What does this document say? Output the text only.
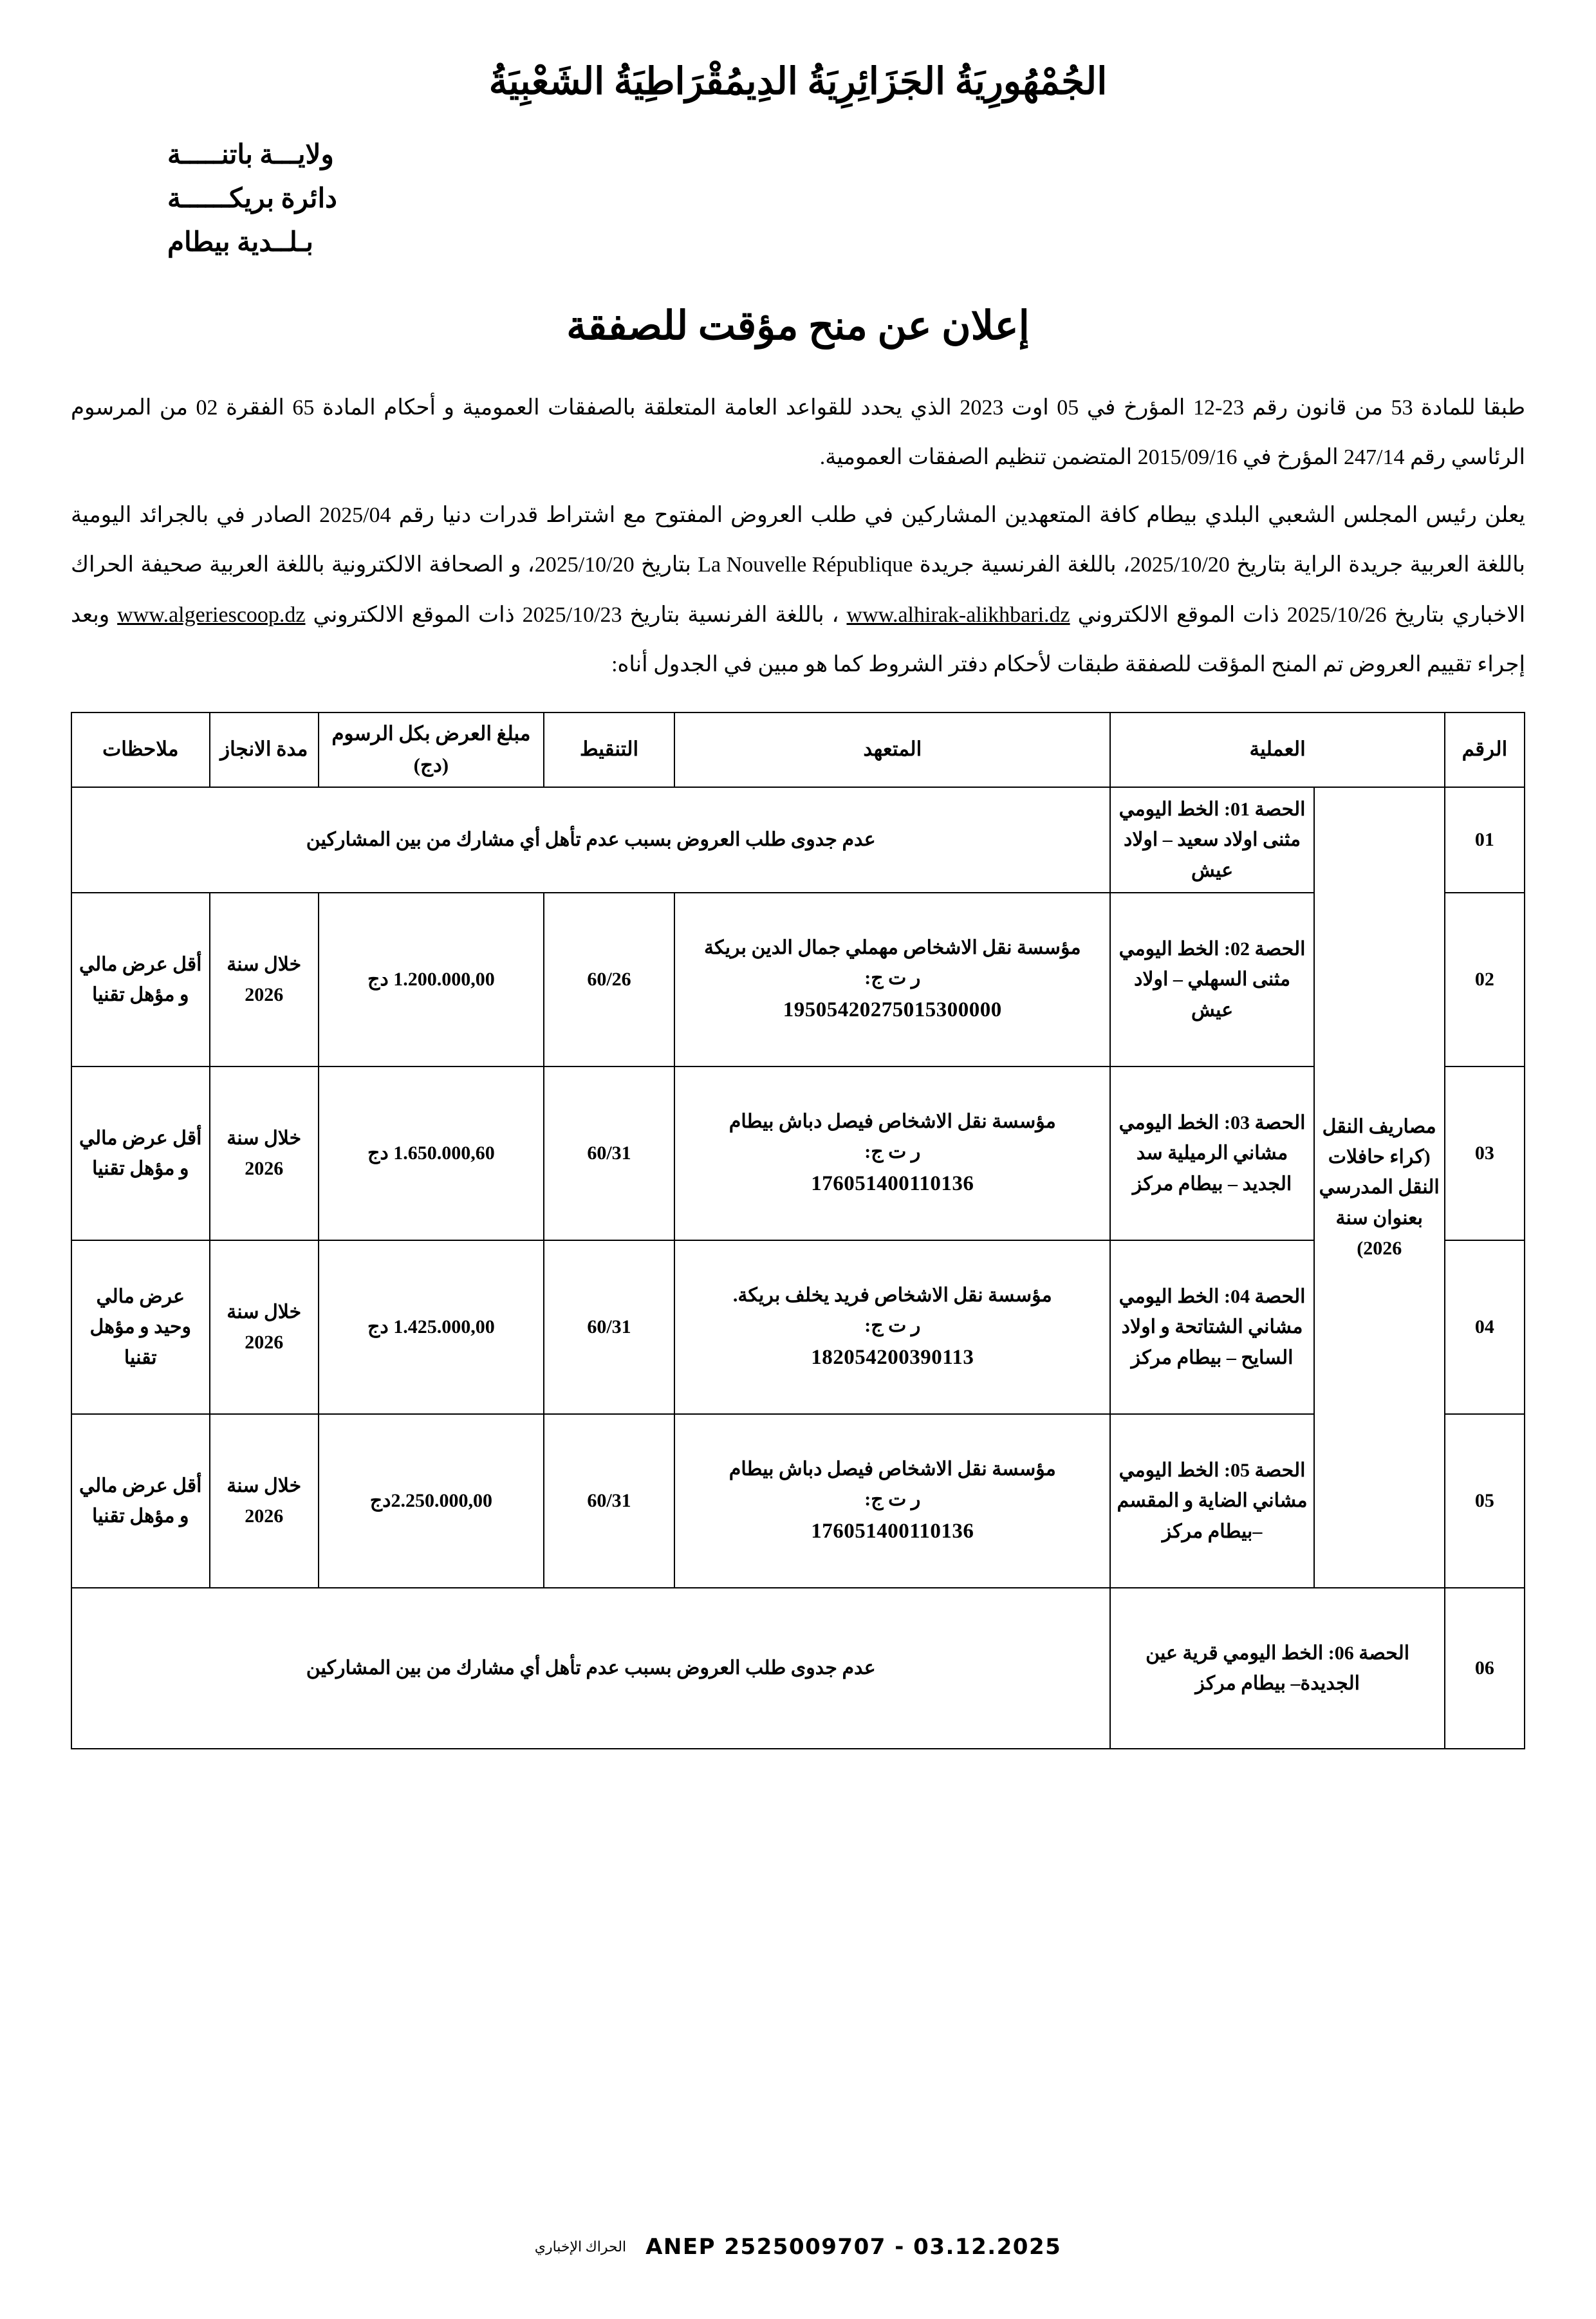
الجُمْهُورِيَةُ الجَزَائِرِيَةُ الدِيمُقْرَاطِيَةُ الشَعْبِيَةُ
ولايـــة باتنـــــة
دائرة بريكــــــة
بـلــدية بيطام
إعلان عن منح مؤقت للصفقة

طبقا للمادة 53 من قانون رقم 23-12 المؤرخ في 05 اوت 2023 الذي يحدد للقواعد العامة المتعلقة بالصفقات العمومية و أحكام المادة 65 الفقرة 02 من المرسوم الرئاسي رقم 247/14 المؤرخ في 2015/09/16 المتضمن تنظيم الصفقات العمومية.

يعلن رئيس المجلس الشعبي البلدي بيطام كافة المتعهدين المشاركين في طلب العروض المفتوح مع اشتراط قدرات دنيا رقم 2025/04 الصادر في بالجرائد اليومية باللغة العربية جريدة الراية بتاريخ 2025/10/20، باللغة الفرنسية جريدة La Nouvelle République بتاريخ 2025/10/20، و الصحافة الالكترونية باللغة العربية صحيفة الحراك الاخباري بتاريخ 2025/10/26 ذات الموقع الالكتروني www.alhirak-alikhbari.dz ، باللغة الفرنسية بتاريخ 2025/10/23 ذات الموقع الالكتروني www.algeriescoop.dz وبعد إجراء تقييم العروض تم المنح المؤقت للصفقة طبقات لأحكام دفتر الشروط كما هو مبين في الجدول أناه:

الرقم	العملية		المتعهد	التنقيط	مبلغ العرض بكل الرسوم (دج)	مدة الانجاز	ملاحظات
01	مصاريف النقل (كراء حافلات النقل المدرسي بعنوان سنة 2026)	الحصة 01: الخط اليومي مثنى اولاد سعيد – اولاد عيش	عدم جدوى طلب العروض بسبب عدم تأهل أي مشارك من بين المشاركين				
02		الحصة 02: الخط اليومي مثنى السهلي – اولاد عيش	مؤسسة نقل الاشخاص مهملي جمال الدين بريكة
ر ت ج:
19505420275015300000	60/26	1.200.000,00 دج	خلال سنة 2026	أقل عرض مالي و مؤهل تقنيا
03		الحصة 03: الخط اليومي مشاني الرميلية سد الجديد – بيطام مركز	مؤسسة نقل الاشخاص فيصل دباش بيطام
ر ت ج:
176051400110136	60/31	1.650.000,60 دج	خلال سنة 2026	أقل عرض مالي و مؤهل تقنيا
04		الحصة 04: الخط اليومي مشاني الشتاتحة و اولاد السايح – بيطام مركز	مؤسسة نقل الاشخاص فريد يخلف بريكة.
ر ت ج:
182054200390113	60/31	1.425.000,00 دج	خلال سنة 2026	عرض مالي وحيد و مؤهل تقنيا
05		الحصة 05: الخط اليومي مشاني الضاية و المقسم –بيطام مركز	مؤسسة نقل الاشخاص فيصل دباش بيطام
ر ت ج:
176051400110136	60/31	2.250.000,00دج	خلال سنة 2026	أقل عرض مالي و مؤهل تقنيا
06	الحصة 06: الخط اليومي قرية عين الجديدة– بيطام مركز		عدم جدوى طلب العروض بسبب عدم تأهل أي مشارك من بين المشاركين				
ANEP 2525009707 - 03.12.2025 الحراك الإخباري
